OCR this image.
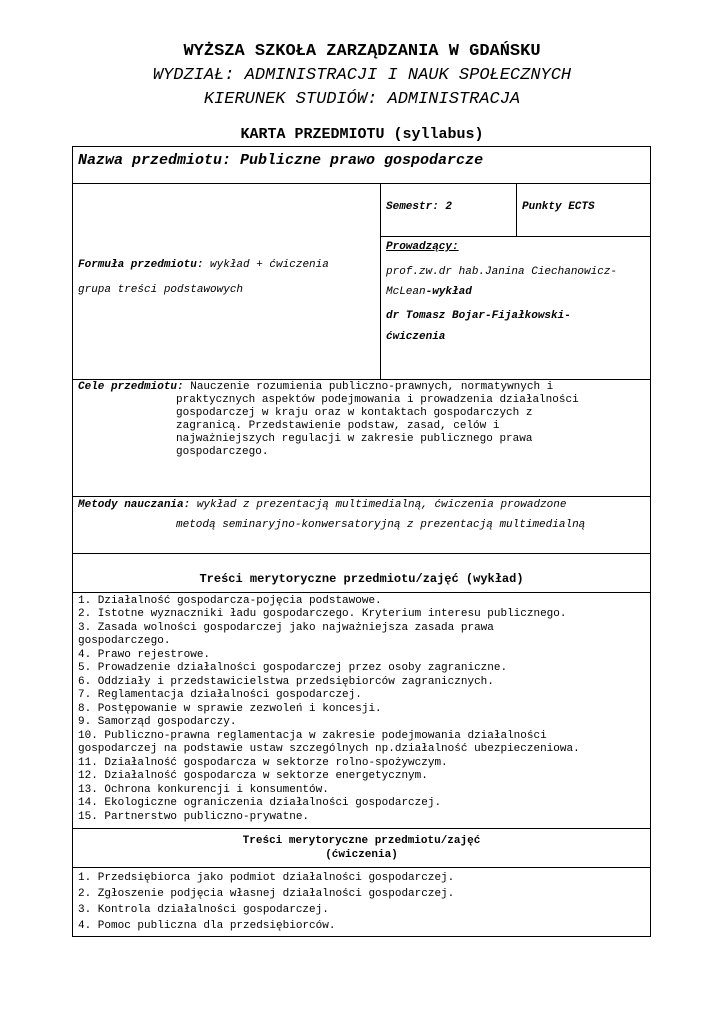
WYŻSZA SZKOŁA ZARZĄDZANIA W GDAŃSKU
WYDZIAŁ: ADMINISTRACJI I NAUK SPOŁECZNYCH
KIERUNEK STUDIÓW: ADMINISTRACJA
KARTA PRZEDMIOTU (syllabus)
Nazwa przedmiotu: Publiczne prawo gospodarcze
Formuła przedmiotu: wykład + ćwiczenia
grupa treści podstawowych
Semestr: 2	Punkty ECTS
Prowadzący:
prof.zw.dr hab.Janina Ciechanowicz-
McLean-wykład
dr Tomasz Bojar-Fijałkowski-
ćwiczenia
Cele przedmiotu: Nauczenie rozumienia publiczno-prawnych, normatywnych i
praktycznych aspektów podejmowania i prowadzenia działalności
gospodarczej w kraju oraz w kontaktach gospodarczych z
zagranicą. Przedstawienie podstaw, zasad, celów i
najważniejszych regulacji w zakresie publicznego prawa
gospodarczego.
Metody nauczania: wykład z prezentacją multimedialną, ćwiczenia prowadzone
metodą seminaryjno-konwersatoryjną z prezentacją multimedialną
Treści merytoryczne przedmiotu/zajęć (wykład)
1. Działalność gospodarcza-pojęcia podstawowe.
2. Istotne wyznaczniki ładu gospodarczego. Kryterium interesu publicznego.
3. Zasada wolności gospodarczej jako najważniejsza zasada prawa
gospodarczego.
4. Prawo rejestrowe.
5. Prowadzenie działalności gospodarczej przez osoby zagraniczne.
6. Oddziały i przedstawicielstwa przedsiębiorców zagranicznych.
7. Reglamentacja działalności gospodarczej.
8. Postępowanie w sprawie zezwoleń i koncesji.
9. Samorząd gospodarczy.
10. Publiczno-prawna reglamentacja w zakresie podejmowania działalności
gospodarczej na podstawie ustaw szczególnych np.działalność ubezpieczeniowa.
11. Działalność gospodarcza w sektorze rolno-spożywczym.
12. Działalność gospodarcza w sektorze energetycznym.
13. Ochrona konkurencji i konsumentów.
14. Ekologiczne ograniczenia działalności gospodarczej.
15. Partnerstwo publiczno-prywatne.
Treści merytoryczne przedmiotu/zajęć
(ćwiczenia)
1. Przedsiębiorca jako podmiot działalności gospodarczej.
2. Zgłoszenie podjęcia własnej działalności gospodarczej.
3. Kontrola działalności gospodarczej.
4. Pomoc publiczna dla przedsiębiorców.
